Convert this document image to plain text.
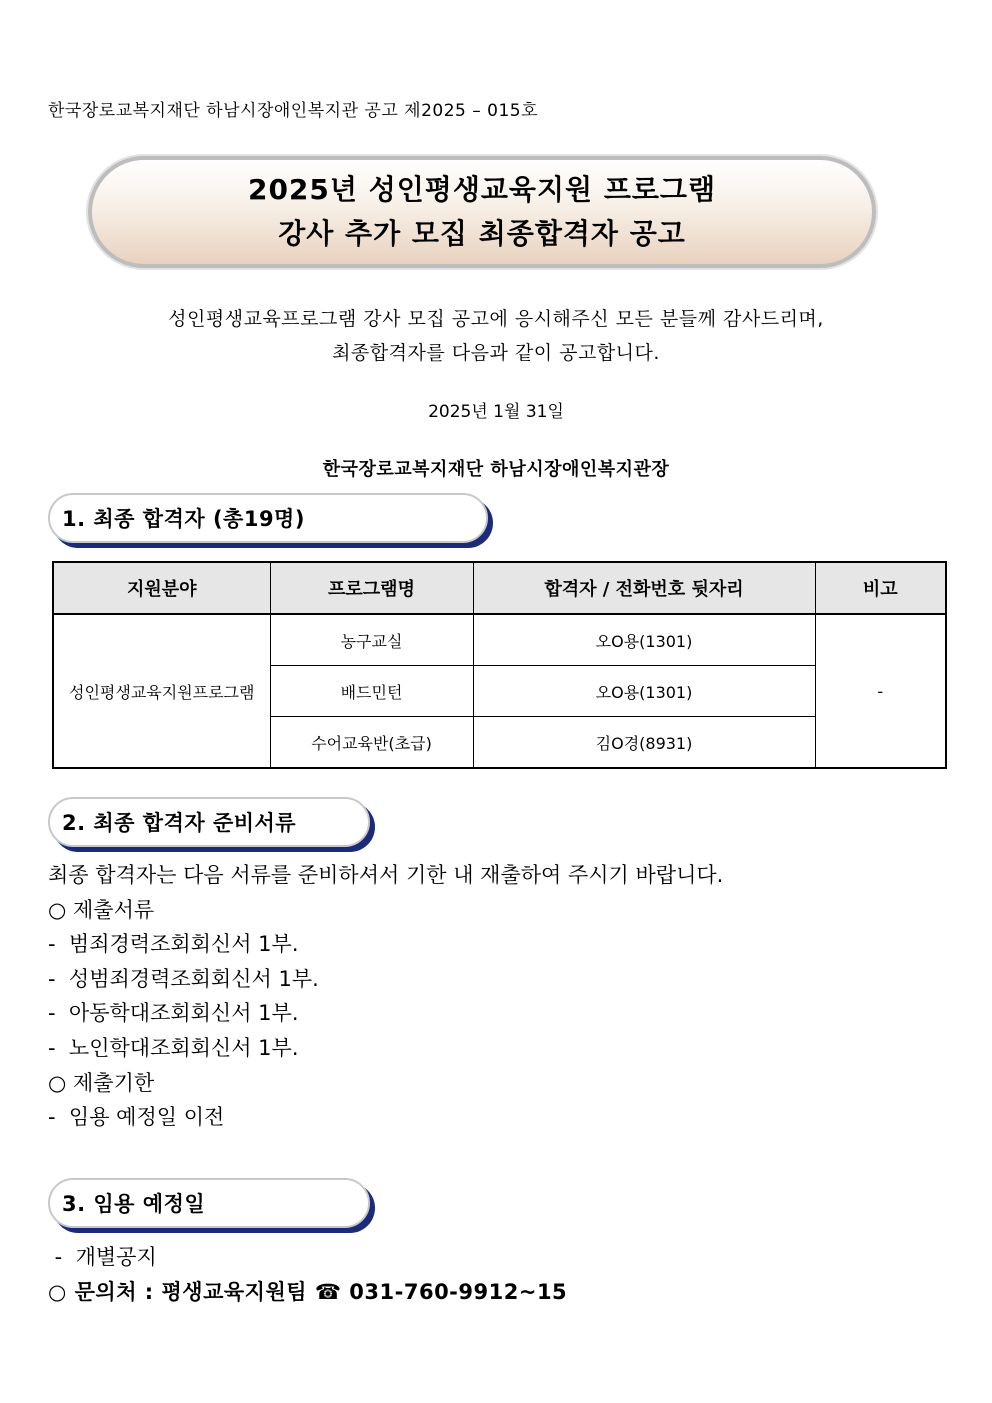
한국장로교복지재단 하남시장애인복지관 공고 제2025 – 015호
2025년 성인평생교육지원 프로그램
강사 추가 모집 최종합격자 공고
성인평생교육프로그램 강사 모집 공고에 응시해주신 모든 분들께 감사드리며,
최종합격자를 다음과 같이 공고합니다.
2025년 1월 31일
한국장로교복지재단 하남시장애인복지관장
1. 최종 합격자 (총19명)
지원분야	프로그램명	합격자 / 전화번호 뒷자리	비고
성인평생교육지원프로그램	농구교실	오O용(1301)	-
	배드민턴	오O용(1301)	
	수어교육반(초급)	김O경(8931)	
2. 최종 합격자 준비서류
최종 합격자는 다음 서류를 준비하셔서 기한 내 재출하여 주시기 바랍니다.
○ 제출서류
-  범죄경력조회회신서 1부.
-  성범죄경력조회회신서 1부.
-  아동학대조회회신서 1부.
-  노인학대조회회신서 1부.
○ 제출기한
-  임용 예정일 이전
3. 임용 예정일
-  개별공지
○ 문의처 : 평생교육지원팀 ☎ 031-760-9912~15
